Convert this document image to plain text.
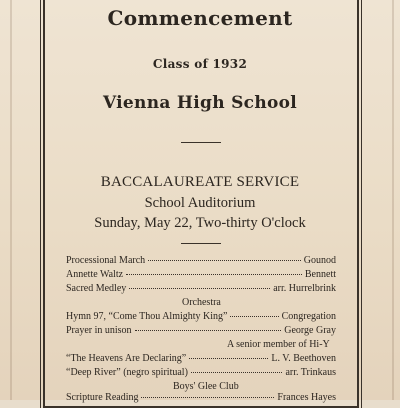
Commencement
Class of 1932
Vienna High School
BACCALAUREATE SERVICE
School Auditorium
Sunday, May 22, Two-thirty O'clock
Processional March	Gounod
Annette Waltz	Bennett
Sacred Medley	arr. Hurrelbrink
Orchestra
Hymn 97, “Come Thou Almighty King”	Congregation
Prayer in unison	George Gray
A senior member of Hi-Y
“The Heavens Are Declaring”	L. V. Beethoven
“Deep River” (negro spiritual)	arr. Trinkaus
Boys' Glee Club
Scripture Reading	Frances Hayes
